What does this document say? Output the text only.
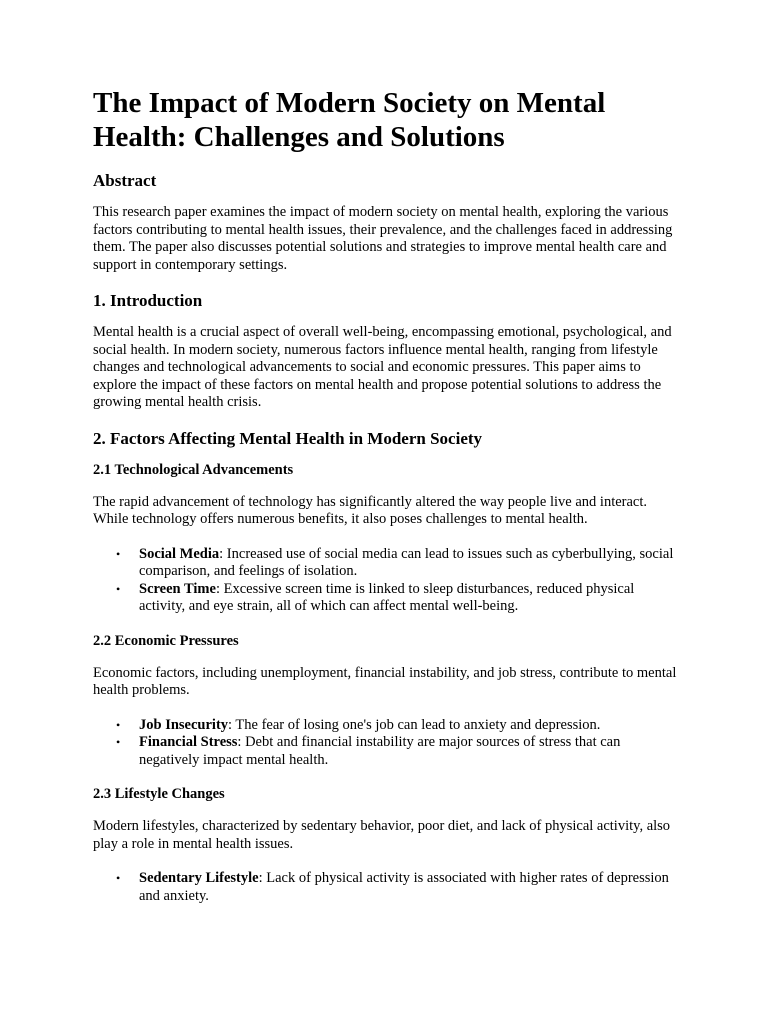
The Impact of Modern Society on Mental Health: Challenges and Solutions
Abstract

This research paper examines the impact of modern society on mental health, exploring the various factors contributing to mental health issues, their prevalence, and the challenges faced in addressing them. The paper also discusses potential solutions and strategies to improve mental health care and support in contemporary settings.

1. Introduction

Mental health is a crucial aspect of overall well-being, encompassing emotional, psychological, and social health. In modern society, numerous factors influence mental health, ranging from lifestyle changes and technological advancements to social and economic pressures. This paper aims to explore the impact of these factors on mental health and propose potential solutions to address the growing mental health crisis.

2. Factors Affecting Mental Health in Modern Society
2.1 Technological Advancements

The rapid advancement of technology has significantly altered the way people live and interact. While technology offers numerous benefits, it also poses challenges to mental health.

• Social Media: Increased use of social media can lead to issues such as cyberbullying, social comparison, and feelings of isolation.
• Screen Time: Excessive screen time is linked to sleep disturbances, reduced physical activity, and eye strain, all of which can affect mental well-being.
2.2 Economic Pressures

Economic factors, including unemployment, financial instability, and job stress, contribute to mental health problems.

• Job Insecurity: The fear of losing one's job can lead to anxiety and depression.
• Financial Stress: Debt and financial instability are major sources of stress that can negatively impact mental health.
2.3 Lifestyle Changes

Modern lifestyles, characterized by sedentary behavior, poor diet, and lack of physical activity, also play a role in mental health issues.

• Sedentary Lifestyle: Lack of physical activity is associated with higher rates of depression and anxiety.
